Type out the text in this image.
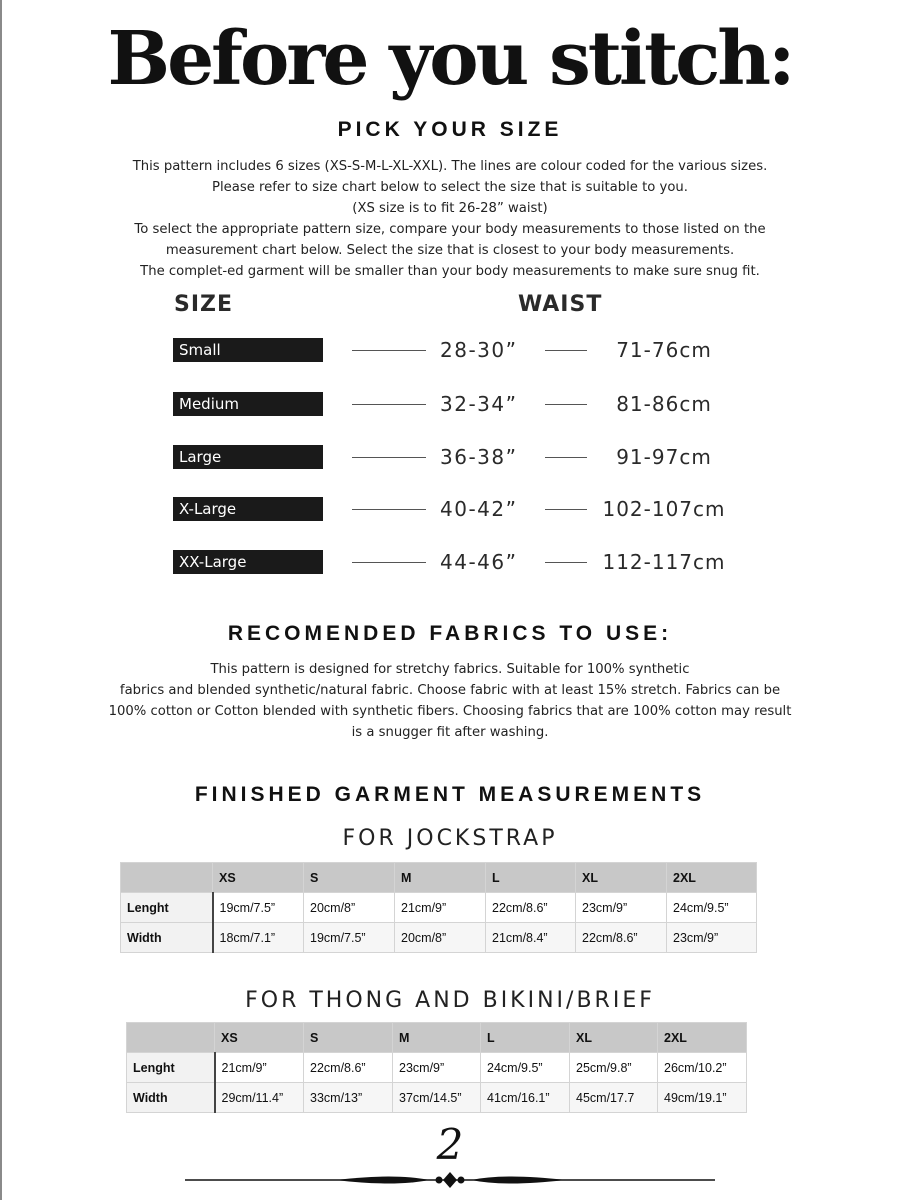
Before you stitch:
PICK YOUR SIZE

This pattern includes 6 sizes (XS-S-M-L-XL-XXL). The lines are colour coded for the various sizes.

Please refer to size chart below to select the size that is suitable to you.

(XS size is to fit 26-28” waist)

To select the appropriate pattern size, compare your body measurements to those listed on the

measurement chart below. Select the size that is closest to your body measurements.

The complet-ed garment will be smaller than your body measurements to make sure snug fit.

SIZE	WAIST
Small	28-30”	71-76cm
Medium	32-34”	81-86cm
Large	36-38”	91-97cm
X-Large	40-42”	102-107cm
XX-Large	44-46”	112-117cm
RECOMENDED FABRICS TO USE:

This pattern is designed for stretchy fabrics. Suitable for 100% synthetic

fabrics and blended synthetic/natural fabric. Choose fabric with at least 15% stretch. Fabrics can be

100% cotton or Cotton blended with synthetic fibers. Choosing fabrics that are 100% cotton may result

is a snugger fit after washing.

FINISHED GARMENT MEASUREMENTS
FOR JOCKSTRAP
	XS	S	M	L	XL	2XL
Lenght	19cm/7.5”	20cm/8”	21cm/9”	22cm/8.6”	23cm/9”	24cm/9.5”
Width	18cm/7.1”	19cm/7.5”	20cm/8”	21cm/8.4”	22cm/8.6”	23cm/9”
FOR THONG AND BIKINI/BRIEF
	XS	S	M	L	XL	2XL
Lenght	21cm/9”	22cm/8.6”	23cm/9”	24cm/9.5”	25cm/9.8”	26cm/10.2”
Width	29cm/11.4”	33cm/13”	37cm/14.5”	41cm/16.1”	45cm/17.7	49cm/19.1”
2
